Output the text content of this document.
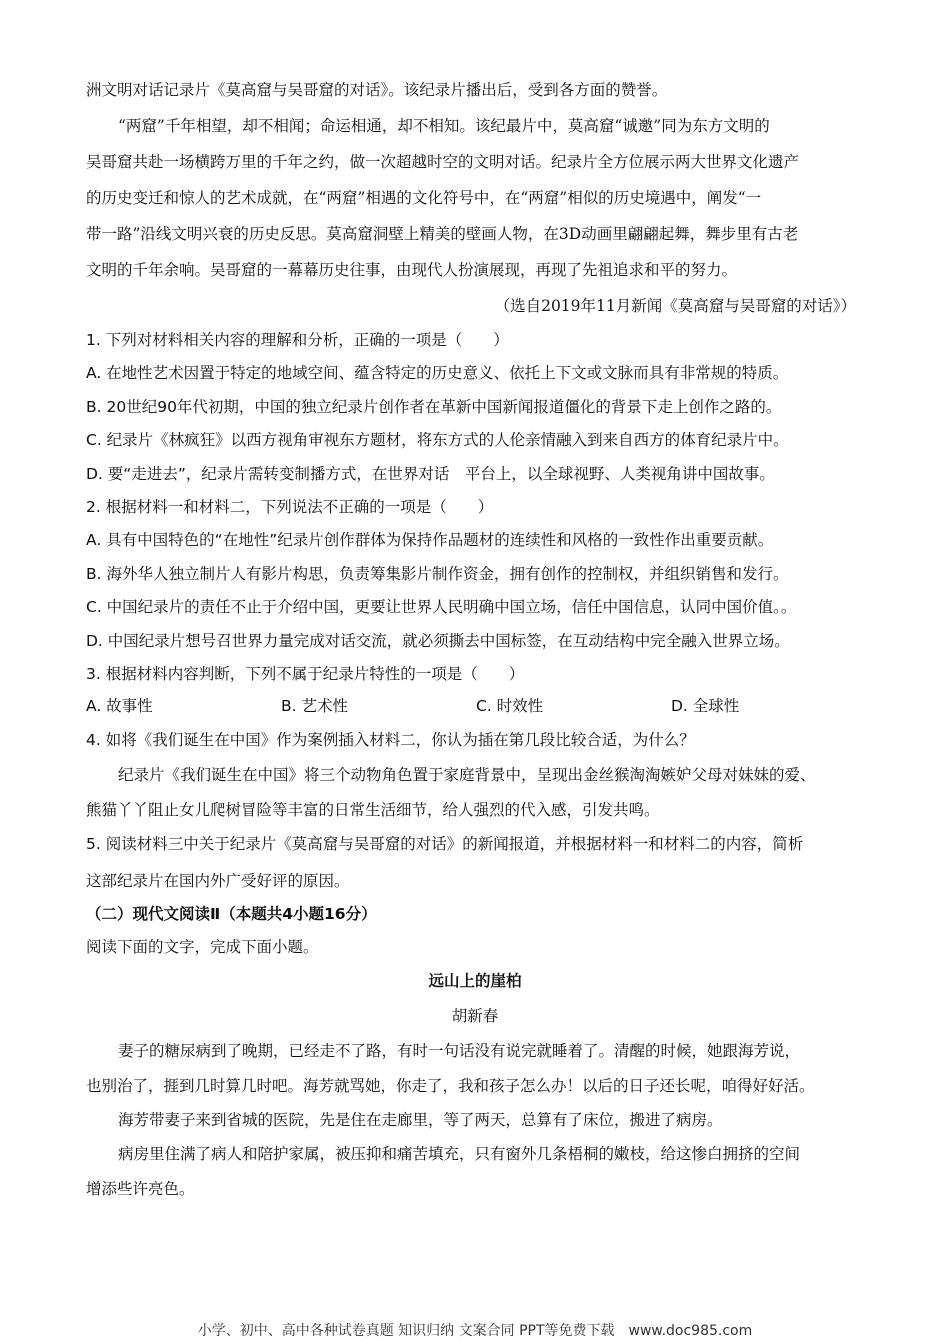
洲文明对话记录片《莫高窟与吴哥窟的对话》。该纪录片播出后，受到各方面的赞誉。
“两窟”千年相望，却不相闻；命运相通，却不相知。该纪最片中，莫高窟“诚邀”同为东方文明的
吴哥窟共赴一场横跨万里的千年之约，做一次超越时空的文明对话。纪录片全方位展示两大世界文化遗产
的历史变迁和惊人的艺术成就，在“两窟”相遇的文化符号中，在“两窟”相似的历史境遇中，阐发“一
带一路”沿线文明兴衰的历史反思。莫高窟洞壁上精美的壁画人物，在3D动画里翩翩起舞，舞步里有古老
文明的千年余响。吴哥窟的一幕幕历史往事，由现代人扮演展现，再现了先祖追求和平的努力。
（选自2019年11月新闻《莫高窟与吴哥窟的对话》）
1. 下列对材料相关内容的理解和分析，正确的一项是（　　）
A. 在地性艺术因置于特定的地域空间、蕴含特定的历史意义、依托上下文或文脉而具有非常规的特质。
B. 20世纪90年代初期，中国的独立纪录片创作者在革新中国新闻报道僵化的背景下走上创作之路的。
C. 纪录片《林疯狂》以西方视角审视东方题材，将东方式的人伦亲情融入到来自西方的体育纪录片中。
D. 要“走进去”，纪录片需转变制播方式，在世界对话　平台上，以全球视野、人类视角讲中国故事。
2. 根据材料一和材料二，下列说法不正确的一项是（　　）
A. 具有中国特色的“在地性”纪录片创作群体为保持作品题材的连续性和风格的一致性作出重要贡献。
B. 海外华人独立制片人有影片构思，负责筹集影片制作资金，拥有创作的控制权，并组织销售和发行。
C. 中国纪录片的责任不止于介绍中国，更要让世界人民明确中国立场，信任中国信息，认同中国价值。。
D. 中国纪录片想号召世界力量完成对话交流，就必须撕去中国标签，在互动结构中完全融入世界立场。
3. 根据材料内容判断，下列不属于纪录片特性的一项是（　　）
A. 故事性	B. 艺术性	C. 时效性	D. 全球性
4. 如将《我们诞生在中国》作为案例插入材料二，你认为插在第几段比较合适，为什么？
纪录片《我们诞生在中国》将三个动物角色置于家庭背景中，呈现出金丝猴淘淘嫉妒父母对妹妹的爱、
熊猫丫丫阻止女儿爬树冒险等丰富的日常生活细节，给人强烈的代入感，引发共鸣。
5. 阅读材料三中关于纪录片《莫高窟与吴哥窟的对话》的新闻报道，并根据材料一和材料二的内容，简析
这部纪录片在国内外广受好评的原因。
（二）现代文阅读Ⅱ（本题共4小题16分）
阅读下面的文字，完成下面小题。
远山上的崖柏
胡新春
妻子的糖尿病到了晚期，已经走不了路，有时一句话没有说完就睡着了。清醒的时候，她跟海芳说，
也别治了，捱到几时算几时吧。海芳就骂她，你走了，我和孩子怎么办！以后的日子还长呢，咱得好好活。
海芳带妻子来到省城的医院，先是住在走廊里，等了两天，总算有了床位，搬进了病房。
病房里住满了病人和陪护家属，被压抑和痛苦填充，只有窗外几条梧桐的嫩枝，给这惨白拥挤的空间
增添些许亮色。
小学、初中、高中各种试卷真题 知识归纳 文案合同 PPT等免费下载　www.doc985.com
